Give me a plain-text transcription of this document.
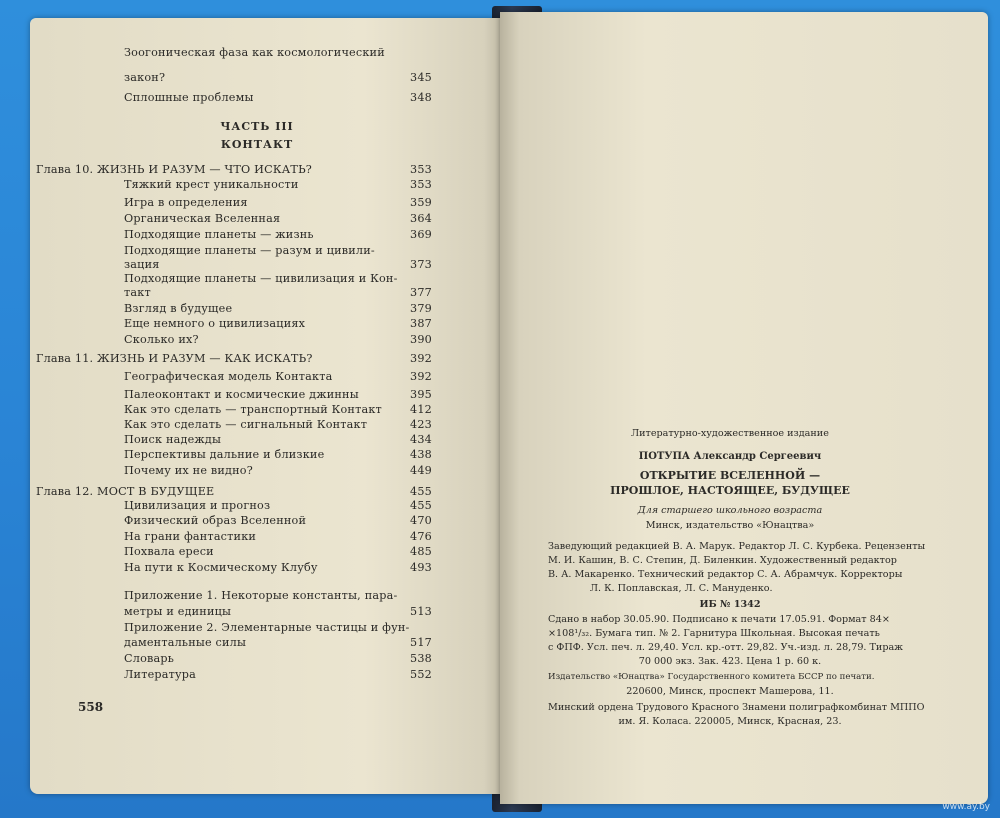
Зоогоническая фаза как космологический
закон?	345
Сплошные проблемы	348
Глава 10. ЖИЗНЬ И РАЗУМ — ЧТО ИСКАТЬ?	353
Тяжкий крест уникальности	353
Игра в определения	359
Органическая Вселенная	364
Подходящие планеты — жизнь	369
Подходящие планеты — разум и цивили-
зация	373
Подходящие планеты — цивилизация и Кон-
такт	377
Взгляд в будущее	379
Еще немного о цивилизациях	387
Сколько их?	390
Глава 11. ЖИЗНЬ И РАЗУМ — КАК ИСКАТЬ?	392
Географическая модель Контакта	392
Палеоконтакт и космические джинны	395
Как это сделать — транспортный Контакт	412
Как это сделать — сигнальный Контакт	423
Поиск надежды	434
Перспективы дальние и близкие	438
Почему их не видно?	449
Глава 12. МОСТ В БУДУЩЕЕ	455
Цивилизация и прогноз	455
Физический образ Вселенной	470
На грани фантастики	476
Похвала ереси	485
На пути к Космическому Клубу	493
Приложение 1. Некоторые константы, пара-
метры и единицы	513
Приложение 2. Элементарные частицы и фун-
даментальные силы	517
Словарь	538
Литература	552
ЧАСТЬ III
КОНТАКТ
558
Литературно-художественное издание
ПОТУПА Александр Сергеевич
ОТКРЫТИЕ ВСЕЛЕННОЙ —
ПРОШЛОЕ, НАСТОЯЩЕЕ, БУДУЩЕЕ
Для старшего школьного возраста
Минск, издательство «Юнацтва»
Заведующий редакцией В. А. Марук. Редактор Л. С. Курбека. Рецензенты
М. И. Кашин, В. С. Степин, Д. Биленкин. Художественный редактор
В. А. Макаренко. Технический редактор С. А. Абрамчук. Корректоры
Л. К. Поплавская, Л. С. Мануденко.
ИБ № 1342
Сдано в набор 30.05.90. Подписано к печати 17.05.91. Формат 84×
×108¹/₃₂. Бумага тип. № 2. Гарнитура Школьная. Высокая печать
с ФПФ. Усл. печ. л. 29,40. Усл. кр.-отт. 29,82. Уч.-изд. л. 28,79. Тираж
70 000 экз. Зак. 423. Цена 1 р. 60 к.
Издательство «Юнацтва» Государственного комитета БССР по печати.
220600, Минск, проспект Машерова, 11.
Минский ордена Трудового Красного Знамени полиграфкомбинат МППО
им. Я. Коласа. 220005, Минск, Красная, 23.
www.ay.by
